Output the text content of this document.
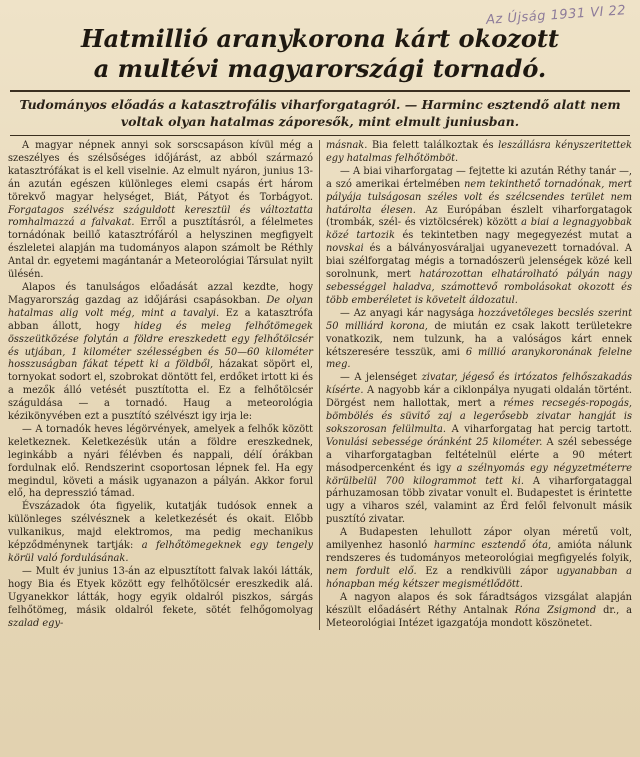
Az Újság 1931 VI 22
Hatmillió aranykorona kárt okozott
a multévi magyarországi tornadó.
Tudományos előadás a katasztrofális viharforgatagról. — Harminc esztendő alatt nem voltak olyan hatalmas záporesők, mint elmult juniusban.

A magyar népnek annyi sok sorscsapáson kívül még a szeszélyes és szélsőséges időjárást, az abból származó katasztrófákat is el kell viselnie. Az elmult nyáron, junius 13-án azután egészen különleges elemi csapás ért három törekvő magyar helységet, Biát, Pátyot és Torbágyot. Forgatagos szélvész száguldott keresztül és változtatta romhalmazzá a falvakat. Erről a pusztításról, a félelmetes tornádónak beillő katasztrófáról a helyszinen megfigyelt észleletei alapján ma tudományos alapon számolt be Réthly Antal dr. egyetemi magántanár a Meteorológiai Társulat nyilt ülésén.

Alapos és tanulságos előadását azzal kezdte, hogy Magyarország gazdag az időjárási csapásokban. De olyan hatalmas alig volt még, mint a tavalyi. Ez a katasztrófa abban állott, hogy hideg és meleg felhőtömegek összeütközése folytán a földre ereszkedett egy felhőtölcsér és utjában, 1 kilométer szélességben és 50—60 kilométer hosszuságban fákat tépett ki a földből, házakat söpört el, tornyokat sodort el, szobrokat döntött fel, erdőket irtott ki és a mezők álló vetését pusztította el. Ez a felhőtölcsér száguldása — a tornadó. Haug a meteorológia kézikönyvében ezt a pusztító szélvészt igy irja le:

— A tornadók heves légörvények, amelyek a felhők között keletkeznek. Keletkezésük után a földre ereszkednek, leginkább a nyári félévben és nappali, délí órákban fordulnak elő. Rendszerint csoportosan lépnek fel. Ha egy megindul, követi a másik ugyanazon a pályán. Akkor forul elő, ha depresszió támad.

Évszázadok óta figyelik, kutatják tudósok ennek a különleges szélvésznek a keletkezését és okait. Előbb vulkanikus, majd elektromos, ma pedig mechanikus képződménynek tartják: a felhőtömegeknek egy tengely körül való fordulásának.

— Mult év junius 13-án az elpusztított falvak lakói látták, hogy Bia és Etyek között egy felhőtölcsér ereszkedik alá. Ugyanekkor látták, hogy egyik oldalról piszkos, sárgás felhőtömeg, másik oldalról fekete, sötét felhőgomolyag szalad egy-

másnak. Bia felett találkoztak és leszállásra kényszeritettek egy hatalmas felhőtömböt.

— A biai viharforgatag — fejtette ki azután Réthy tanár —, a szó amerikai értelmében nem tekinthető tornadónak, mert pályája tulságosan széles volt és szélcsendes terület nem határolta élesen. Az Európában észlelt viharforgatagok (trombák, szél- és viztölcsérek) között a biai a legnagyobbak közé tartozik és tekintetben nagy megegyezést mutat a novskai és a bálványosváraljai ugyanevezett tornadóval. A biai szélforgatag mégis a tornadószerü jelenségek közé kell sorolnunk, mert határozottan elhatárolható pályán nagy sebességgel haladva, számottevő rombolásokat okozott és több emberéletet is követelt áldozatul.

— Az anyagi kár nagysága hozzávetőleges becslés szerint 50 milliárd korona, de miután ez csak lakott területekre vonatkozik, nem tulzunk, ha a valóságos kárt ennek kétszeresére tesszük, ami 6 millió aranykoronának felelne meg.

— A jelenséget zivatar, jégeső és irtózatos felhőszakadás kísérte. A nagyobb kár a ciklonpálya nyugati oldalán történt. Dörgést nem hallottak, mert a rémes recsegés-ropogás, bömbölés és süvitő zaj a legerősebb zivatar hangját is sokszorosan felülmulta. A viharforgatag hat percig tartott. Vonulási sebessége óránként 25 kilométer. A szél sebessége a viharforgatagban feltételnül elérte a 90 métert másodpercenként és igy a szélnyomás egy négyzetméterre körülbelül 700 kilogrammot tett ki. A viharforgataggal párhuzamosan több zivatar vonult el. Budapestet is érintette ugy a viharos szél, valamint az Érd felől felvonult másik pusztító zivatar.

A Budapesten lehullott zápor olyan méretű volt, amilyenhez hasonló harminc esztendő óta, amióta nálunk rendszeres és tudományos meteorológiai megfigyelés folyik, nem fordult elő. Ez a rendkivüli zápor ugyanabban a hónapban még kétszer megismétlődött.

A nagyon alapos és sok fáradtságos vizsgálat alapján készült előadásért Réthy Antalnak Róna Zsigmond dr., a Meteorológiai Intézet igazgatója mondott köszönetet.
